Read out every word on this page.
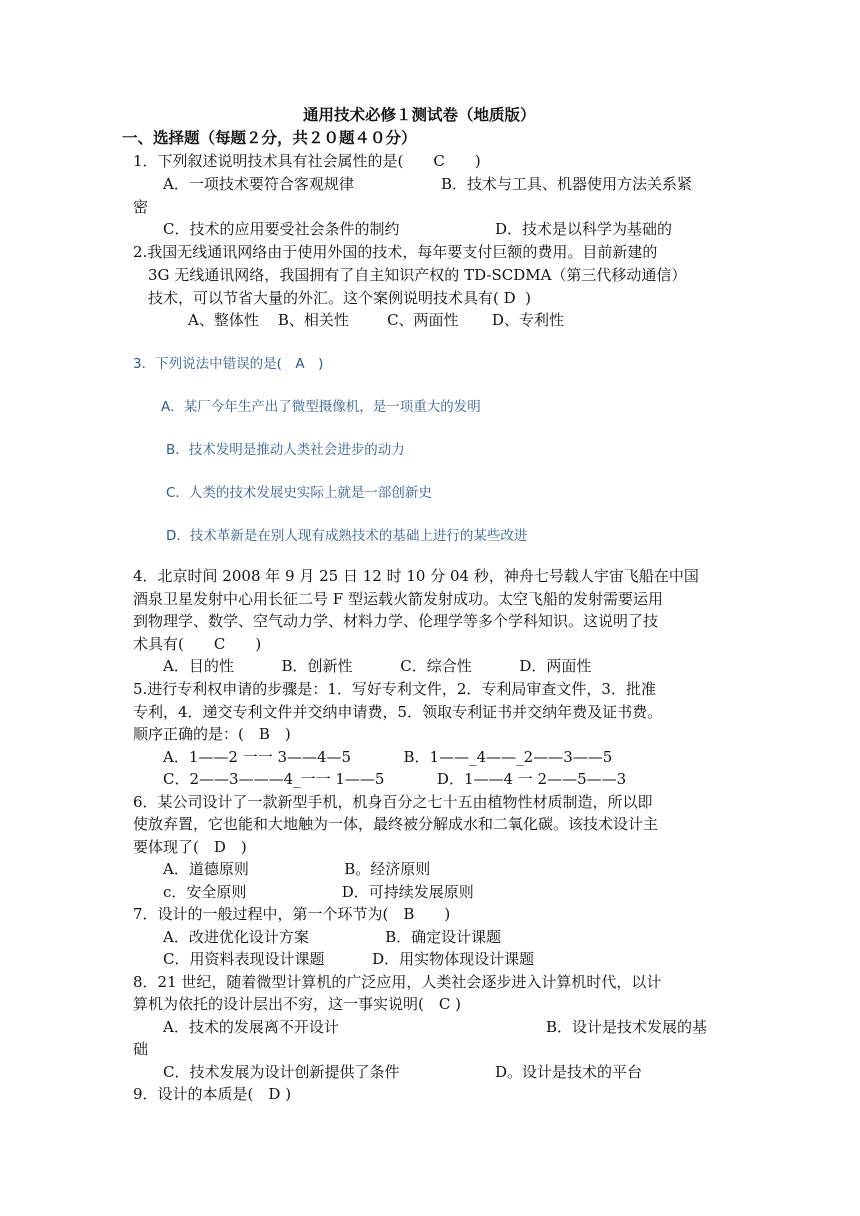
通用技术必修１测试卷（地质版）
一、选择题（每题２分，共２０题４０分）
1．下列叙述说明技术具有社会属性的是(　　C　　)
A．一项技术要符合客观规律	B．技术与工具、机器使用方法关系紧
密
C．技术的应用要受社会条件的制约	D．技术是以科学为基础的
2.我国无线通讯网络由于使用外国的技术，每年要支付巨额的费用。目前新建的
3G 无线通讯网络，我国拥有了自主知识产权的 TD-SCDMA（第三代移动通信）
技术，可以节省大量的外汇。这个案例说明技术具有( D  )
A、整体性    B、相关性        C、两面性       D、专利性
3．下列说法中错误的是(　A　)
A．某厂今年生产出了微型摄像机，是一项重大的发明
B．技术发明是推动人类社会进步的动力
C．人类的技术发展史实际上就是一部创新史
D．技术革新是在别人现有成熟技术的基础上进行的某些改进
4．北京时间 2008 年 9 月 25 日 12 时 10 分 04 秒，神舟七号载人宇宙飞船在中国
酒泉卫星发射中心用长征二号 F 型运载火箭发射成功。太空飞船的发射需要运用
到物理学、数学、空气动力学、材料力学、伦理学等多个学科知识。这说明了技
术具有(　　C　　)
A．目的性          B．创新性          C．综合性          D．两面性
5.进行专利权申请的步骤是：1．写好专利文件，2．专利局审查文件，3．批准
专利，4．递交专利文件并交纳申请费，5．领取专利证书并交纳年费及证书费。
顺序正确的是：(　B　)
A．1——2 一一 3——4—5           B．1——_4——_2——3——5
C．2——3———4_一一 1——5           D．1——4 一 2——5——3
6．某公司设计了一款新型手机，机身百分之七十五由植物性材质制造，所以即
使放弃置，它也能和大地触为一体，最终被分解成水和二氧化碳。该技术设计主
要体现了(　D　)
A．道德原则                    B。经济原则
c．安全原则                    D．可持续发展原则
7．设计的一般过程中，第一个环节为(　B　　)
A．改进优化设计方案                B．确定设计课题
C．用资料表现设计课题          D．用实物体现设计课题
8．21 世纪，随着微型计算机的广泛应用，人类社会逐步进入计算机时代，以计
算机为依托的设计层出不穷，这一事实说明(　C )
A．技术的发展离不开设计	B．设计是技术发展的基
础
C．技术发展为设计创新提供了条件	D。设计是技术的平台
9．设计的本质是(　D )
